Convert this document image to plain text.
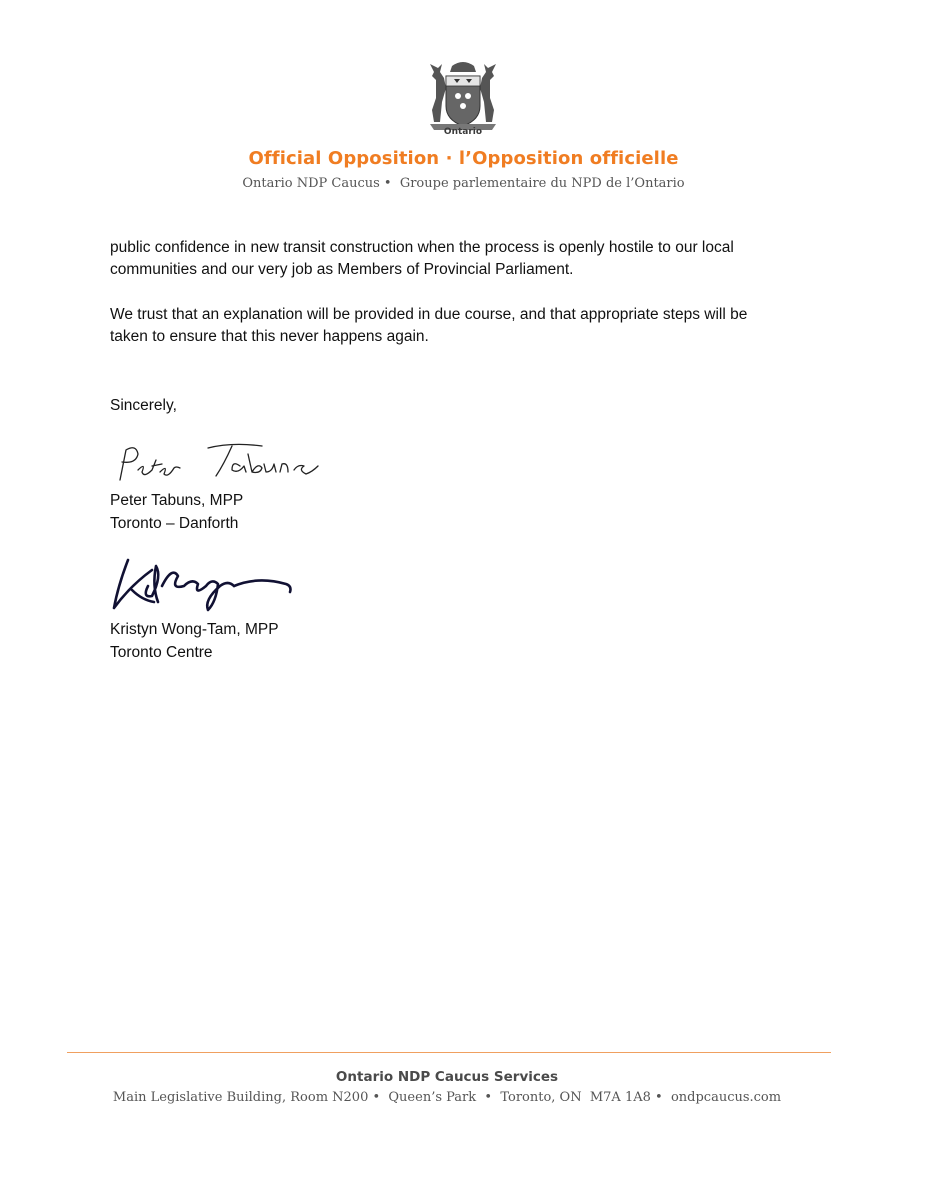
Ontario
Official Opposition · l’Opposition officielle
Ontario NDP Caucus •  Groupe parlementaire du NPD de l’Ontario
public confidence in new transit construction when the process is openly hostile to our local
communities and our very job as Members of Provincial Parliament.
We trust that an explanation will be provided in due course, and that appropriate steps will be
taken to ensure that this never happens again.
Sincerely,
Peter Tabuns, MPP
Toronto – Danforth
Kristyn Wong-Tam, MPP
Toronto Centre
Ontario NDP Caucus Services
Main Legislative Building, Room N200 •  Queen’s Park  •  Toronto, ON  M7A 1A8 •  ondpcaucus.com
